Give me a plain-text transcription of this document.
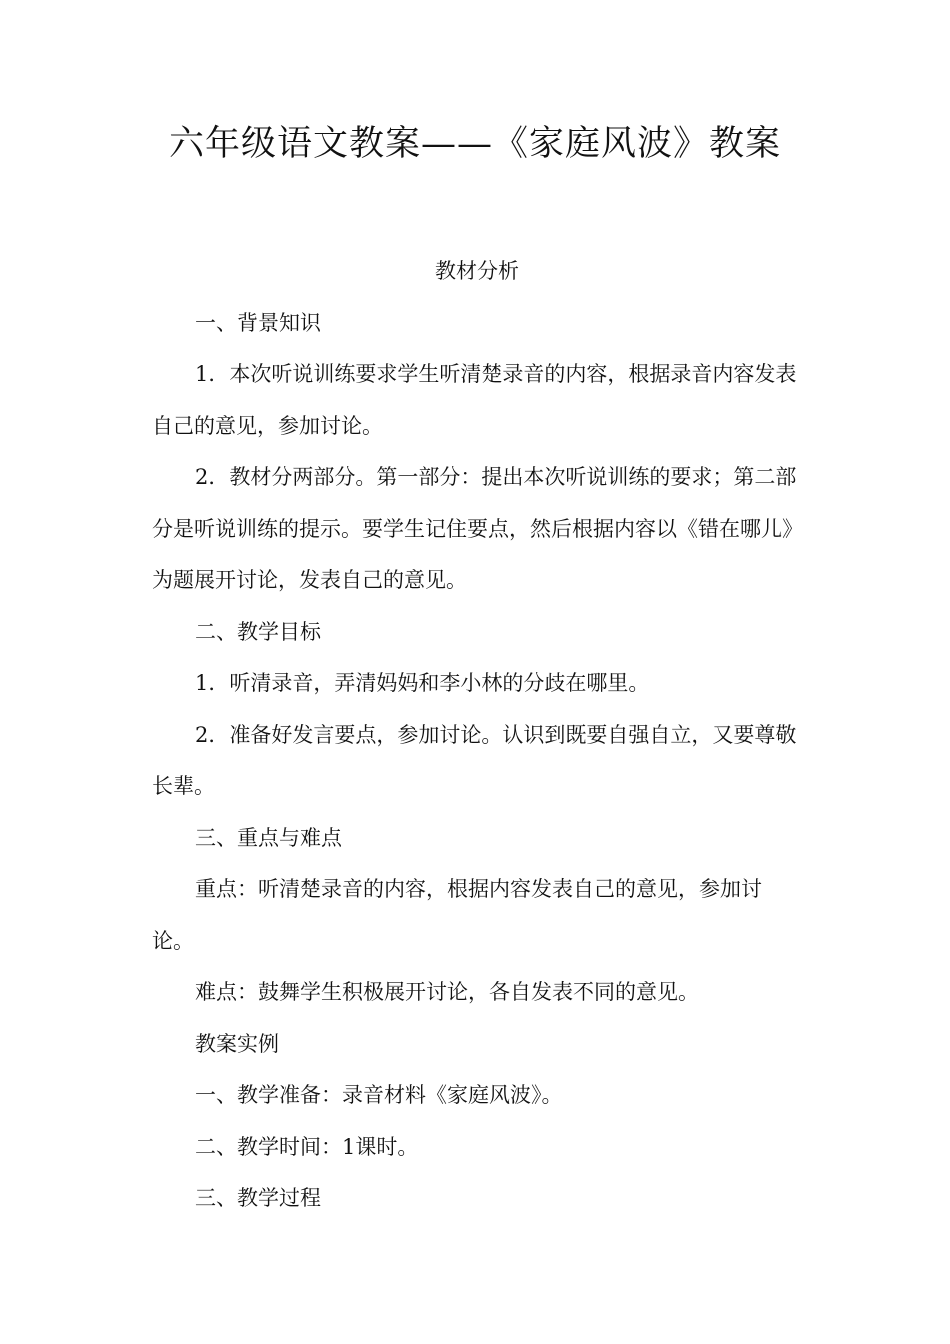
六年级语文教案——《家庭风波》教案

教材分析

一、背景知识

1．本次听说训练要求学生听清楚录音的内容，根据录音内容发表自己的意见，参加讨论。

2．教材分两部分。第一部分：提出本次听说训练的要求；第二部分是听说训练的提示。要学生记住要点，然后根据内容以《错在哪儿》为题展开讨论，发表自己的意见。

二、教学目标

1．听清录音，弄清妈妈和李小林的分歧在哪里。

2．准备好发言要点，参加讨论。认识到既要自强自立，又要尊敬长辈。

三、重点与难点

重点：听清楚录音的内容，根据内容发表自己的意见，参加讨论。

难点：鼓舞学生积极展开讨论，各自发表不同的意见。

教案实例

一、教学准备：录音材料《家庭风波》。

二、教学时间：1课时。

三、教学过程
